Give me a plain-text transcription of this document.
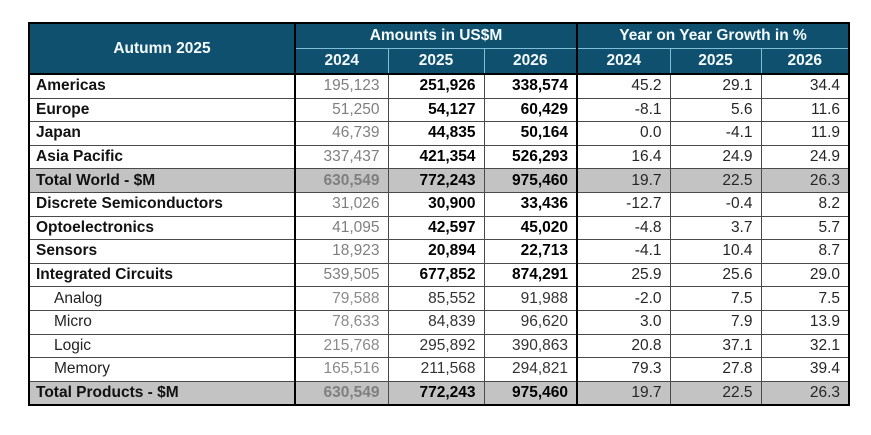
Autumn 2025	Amounts in US$M			Year on Year Growth in %		
	2024	2025	2026	2024	2025	2026
Americas	195,123	251,926	338,574	45.2	29.1	34.4
Europe	51,250	54,127	60,429	-8.1	5.6	11.6
Japan	46,739	44,835	50,164	0.0	-4.1	11.9
Asia Pacific	337,437	421,354	526,293	16.4	24.9	24.9
Total World - $M	630,549	772,243	975,460	19.7	22.5	26.3
Discrete Semiconductors	31,026	30,900	33,436	-12.7	-0.4	8.2
Optoelectronics	41,095	42,597	45,020	-4.8	3.7	5.7
Sensors	18,923	20,894	22,713	-4.1	10.4	8.7
Integrated Circuits	539,505	677,852	874,291	25.9	25.6	29.0
Analog	79,588	85,552	91,988	-2.0	7.5	7.5
Micro	78,633	84,839	96,620	3.0	7.9	13.9
Logic	215,768	295,892	390,863	20.8	37.1	32.1
Memory	165,516	211,568	294,821	79.3	27.8	39.4
Total Products - $M	630,549	772,243	975,460	19.7	22.5	26.3
